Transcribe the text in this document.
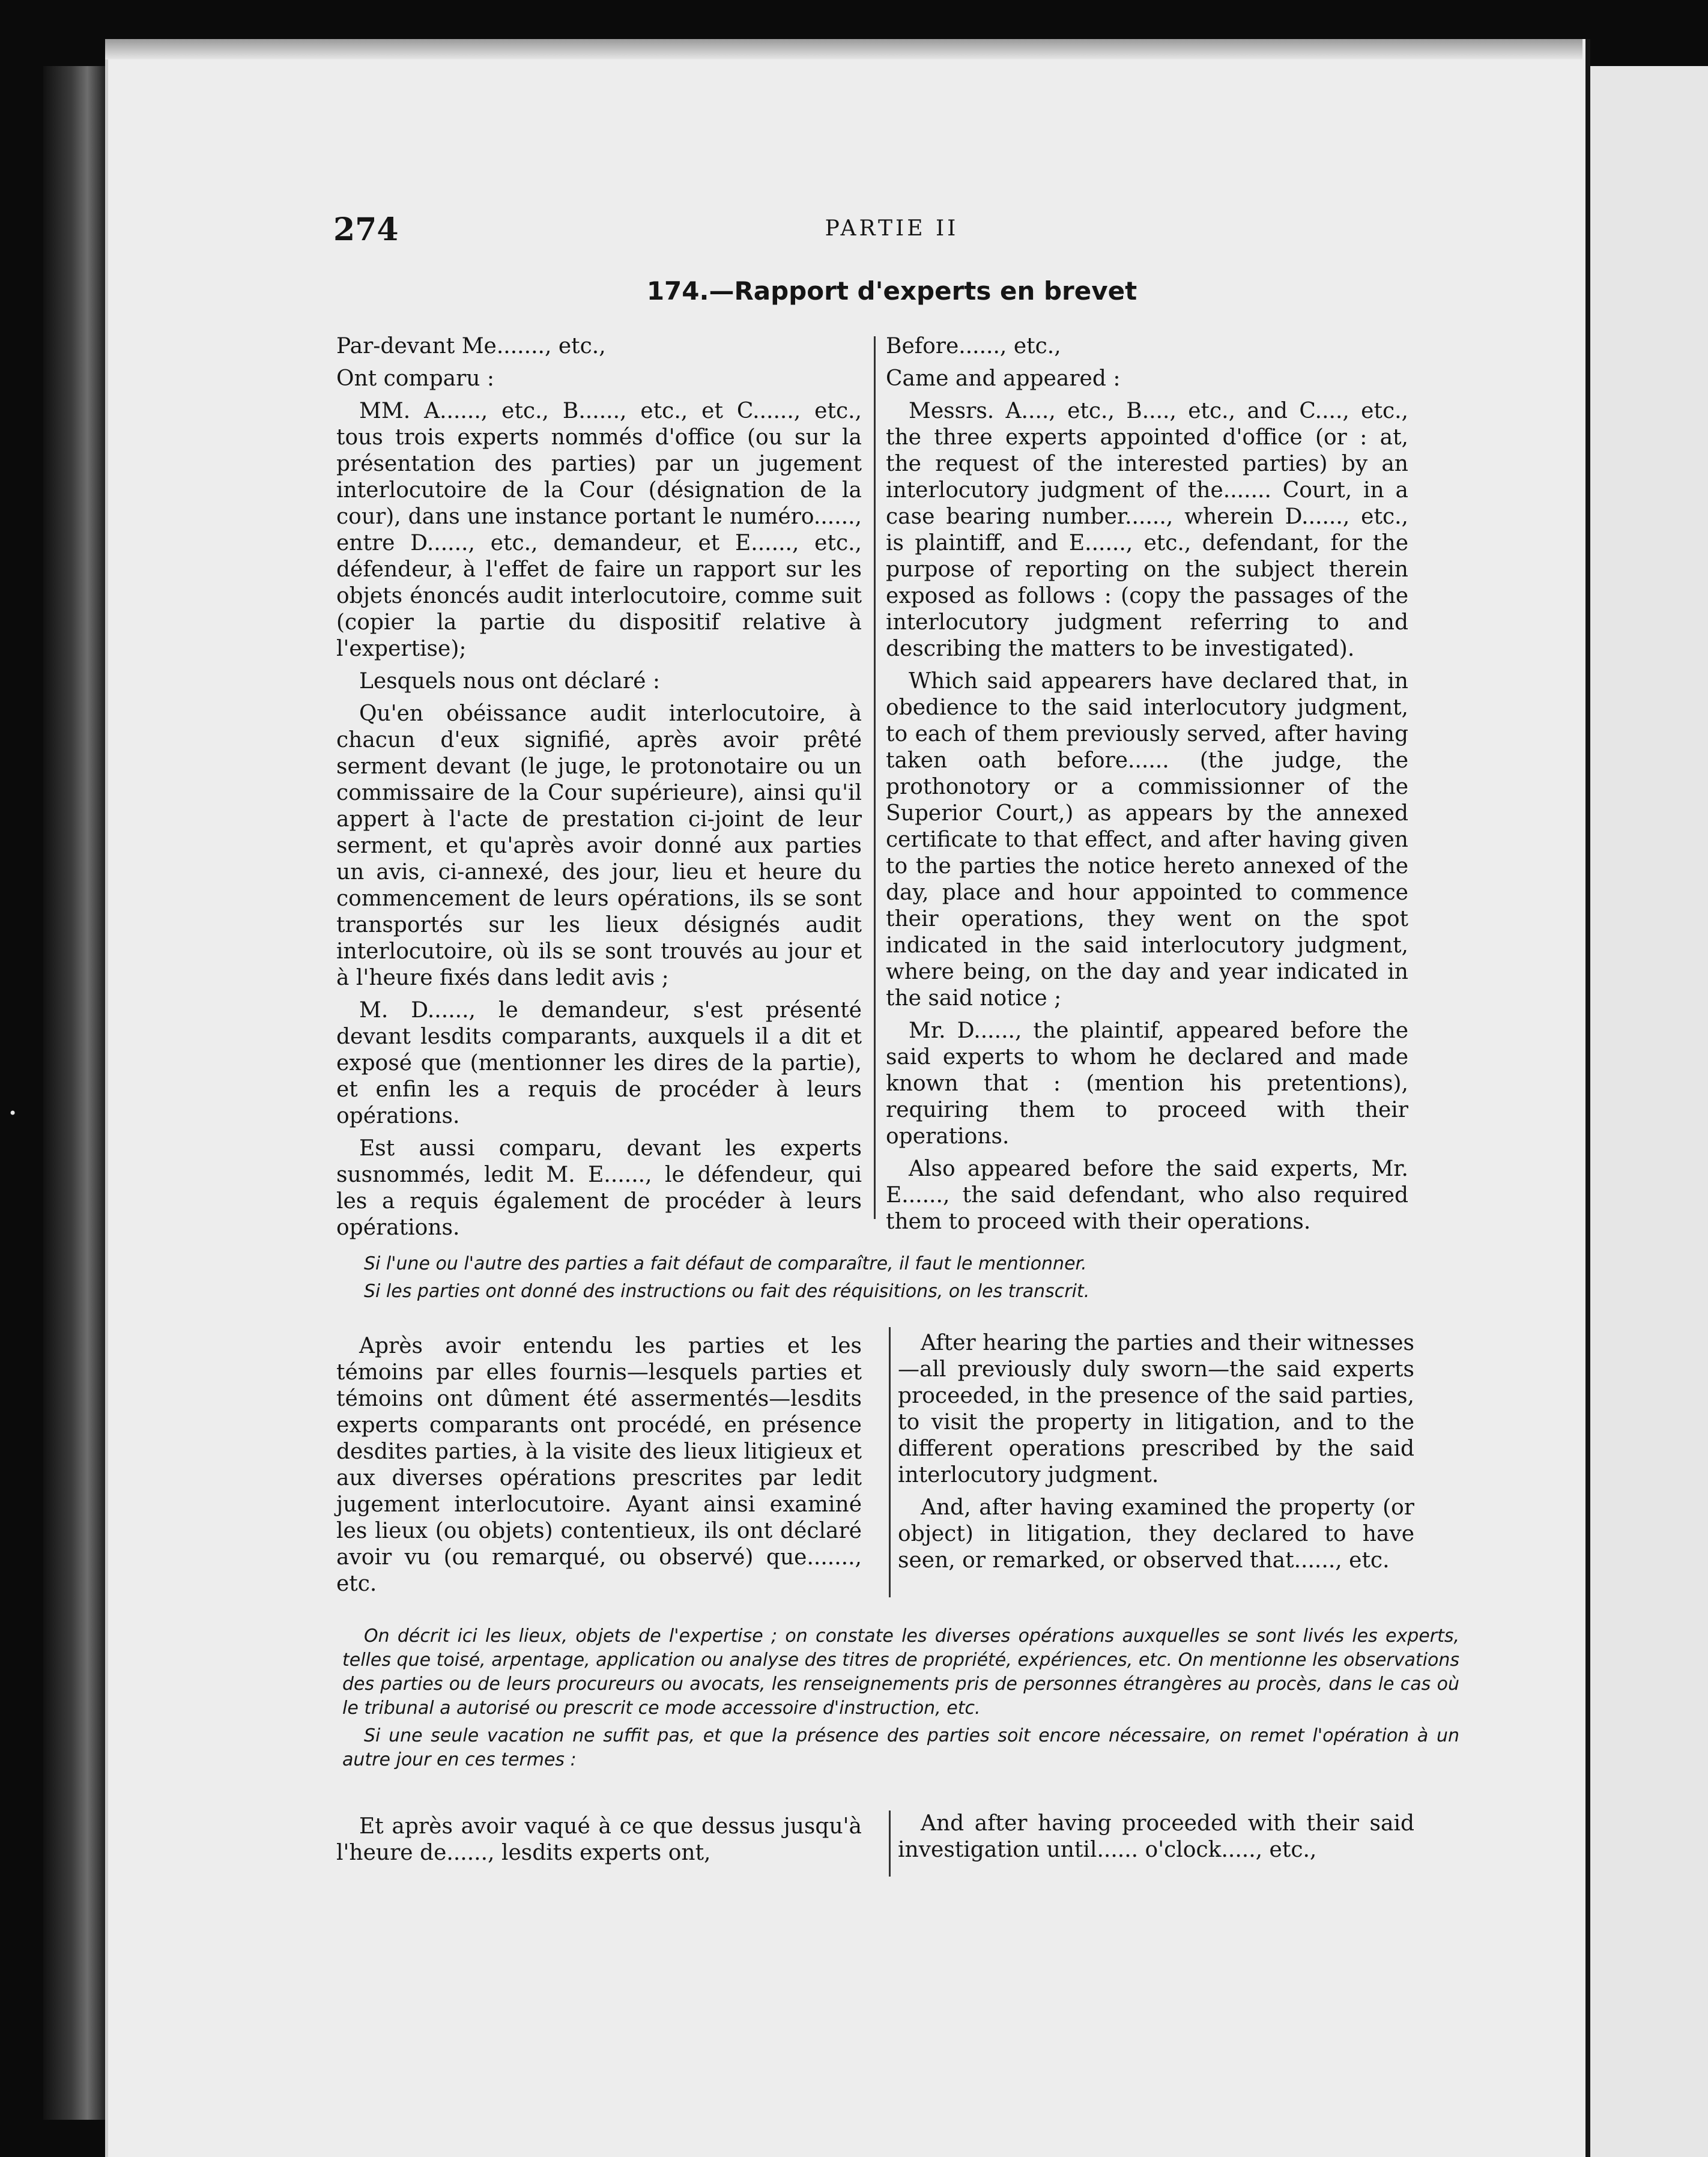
274	PARTIE II
174.—Rapport d'experts en brevet

Par-devant Me......., etc.,

Ont comparu :

MM. A......, etc., B......, etc., et C......, etc., tous trois experts nommés d'office (ou sur la présentation des parties) par un jugement interlocutoire de la Cour (désignation de la cour), dans une instance portant le numéro......, entre D......, etc., demandeur, et E......, etc., défendeur, à l'effet de faire un rapport sur les objets énoncés audit interlocutoire, comme suit (copier la partie du dispositif relative à l'expertise);

Lesquels nous ont déclaré :

Qu'en obéissance audit interlocutoire, à chacun d'eux signifié, après avoir prêté serment devant (le juge, le protonotaire ou un commissaire de la Cour supérieure), ainsi qu'il appert à l'acte de prestation ci-joint de leur serment, et qu'après avoir donné aux parties un avis, ci-annexé, des jour, lieu et heure du commencement de leurs opérations, ils se sont transportés sur les lieux désignés audit interlocutoire, où ils se sont trouvés au jour et à l'heure fixés dans ledit avis ;

M. D......, le demandeur, s'est présenté devant lesdits comparants, auxquels il a dit et exposé que (mentionner les dires de la partie), et enfin les a requis de procéder à leurs opérations.

Est aussi comparu, devant les experts susnommés, ledit M. E......, le défendeur, qui les a requis également de procéder à leurs opérations.

Before......, etc.,

Came and appeared :

Messrs. A...., etc., B...., etc., and C...., etc., the three experts appointed d'office (or : at, the request of the interested parties) by an interlocutory judgment of the....... Court, in a case bearing number......, wherein D......, etc., is plaintiff, and E......, etc., defendant, for the purpose of reporting on the subject therein exposed as follows : (copy the passages of the interlocutory judgment referring to and describing the matters to be investigated).

Which said appearers have declared that, in obedience to the said interlocutory judgment, to each of them previously served, after having taken oath before...... (the judge, the prothonotory or a commissionner of the Superior Court,) as appears by the annexed certificate to that effect, and after having given to the parties the notice hereto annexed of the day, place and hour appointed to commence their operations, they went on the spot indicated in the said interlocutory judgment, where being, on the day and year indicated in the said notice ;

Mr. D......, the plaintif, appeared before the said experts to whom he declared and made known that : (mention his pretentions), requiring them to proceed with their operations.

Also appeared before the said experts, Mr. E......, the said defendant, who also required them to proceed with their operations.

Si l'une ou l'autre des parties a fait défaut de comparaître, il faut le mentionner.

Si les parties ont donné des instructions ou fait des réquisitions, on les transcrit.

Après avoir entendu les parties et les témoins par elles fournis—lesquels parties et témoins ont dûment été assermentés—lesdits experts comparants ont procédé, en présence desdites parties, à la visite des lieux litigieux et aux diverses opérations prescrites par ledit jugement interlocutoire. Ayant ainsi examiné les lieux (ou objets) contentieux, ils ont déclaré avoir vu (ou remarqué, ou observé) que......., etc.

After hearing the parties and their witnesses—all previously duly sworn—the said experts proceeded, in the presence of the said parties, to visit the property in litigation, and to the different operations prescribed by the said interlocutory judgment.

And, after having examined the property (or object) in litigation, they declared to have seen, or remarked, or observed that......, etc.

On décrit ici les lieux, objets de l'expertise ; on constate les diverses opérations auxquelles se sont livés les experts, telles que toisé, arpentage, application ou analyse des titres de propriété, expériences, etc. On mentionne les observations des parties ou de leurs procureurs ou avocats, les renseignements pris de personnes étrangères au procès, dans le cas où le tribunal a autorisé ou prescrit ce mode accessoire d'instruction, etc.

Si une seule vacation ne suffit pas, et que la présence des parties soit encore nécessaire, on remet l'opération à un autre jour en ces termes :

Et après avoir vaqué à ce que dessus jusqu'à l'heure de......, lesdits experts ont,

And after having proceeded with their said investigation until...... o'clock....., etc.,

•
